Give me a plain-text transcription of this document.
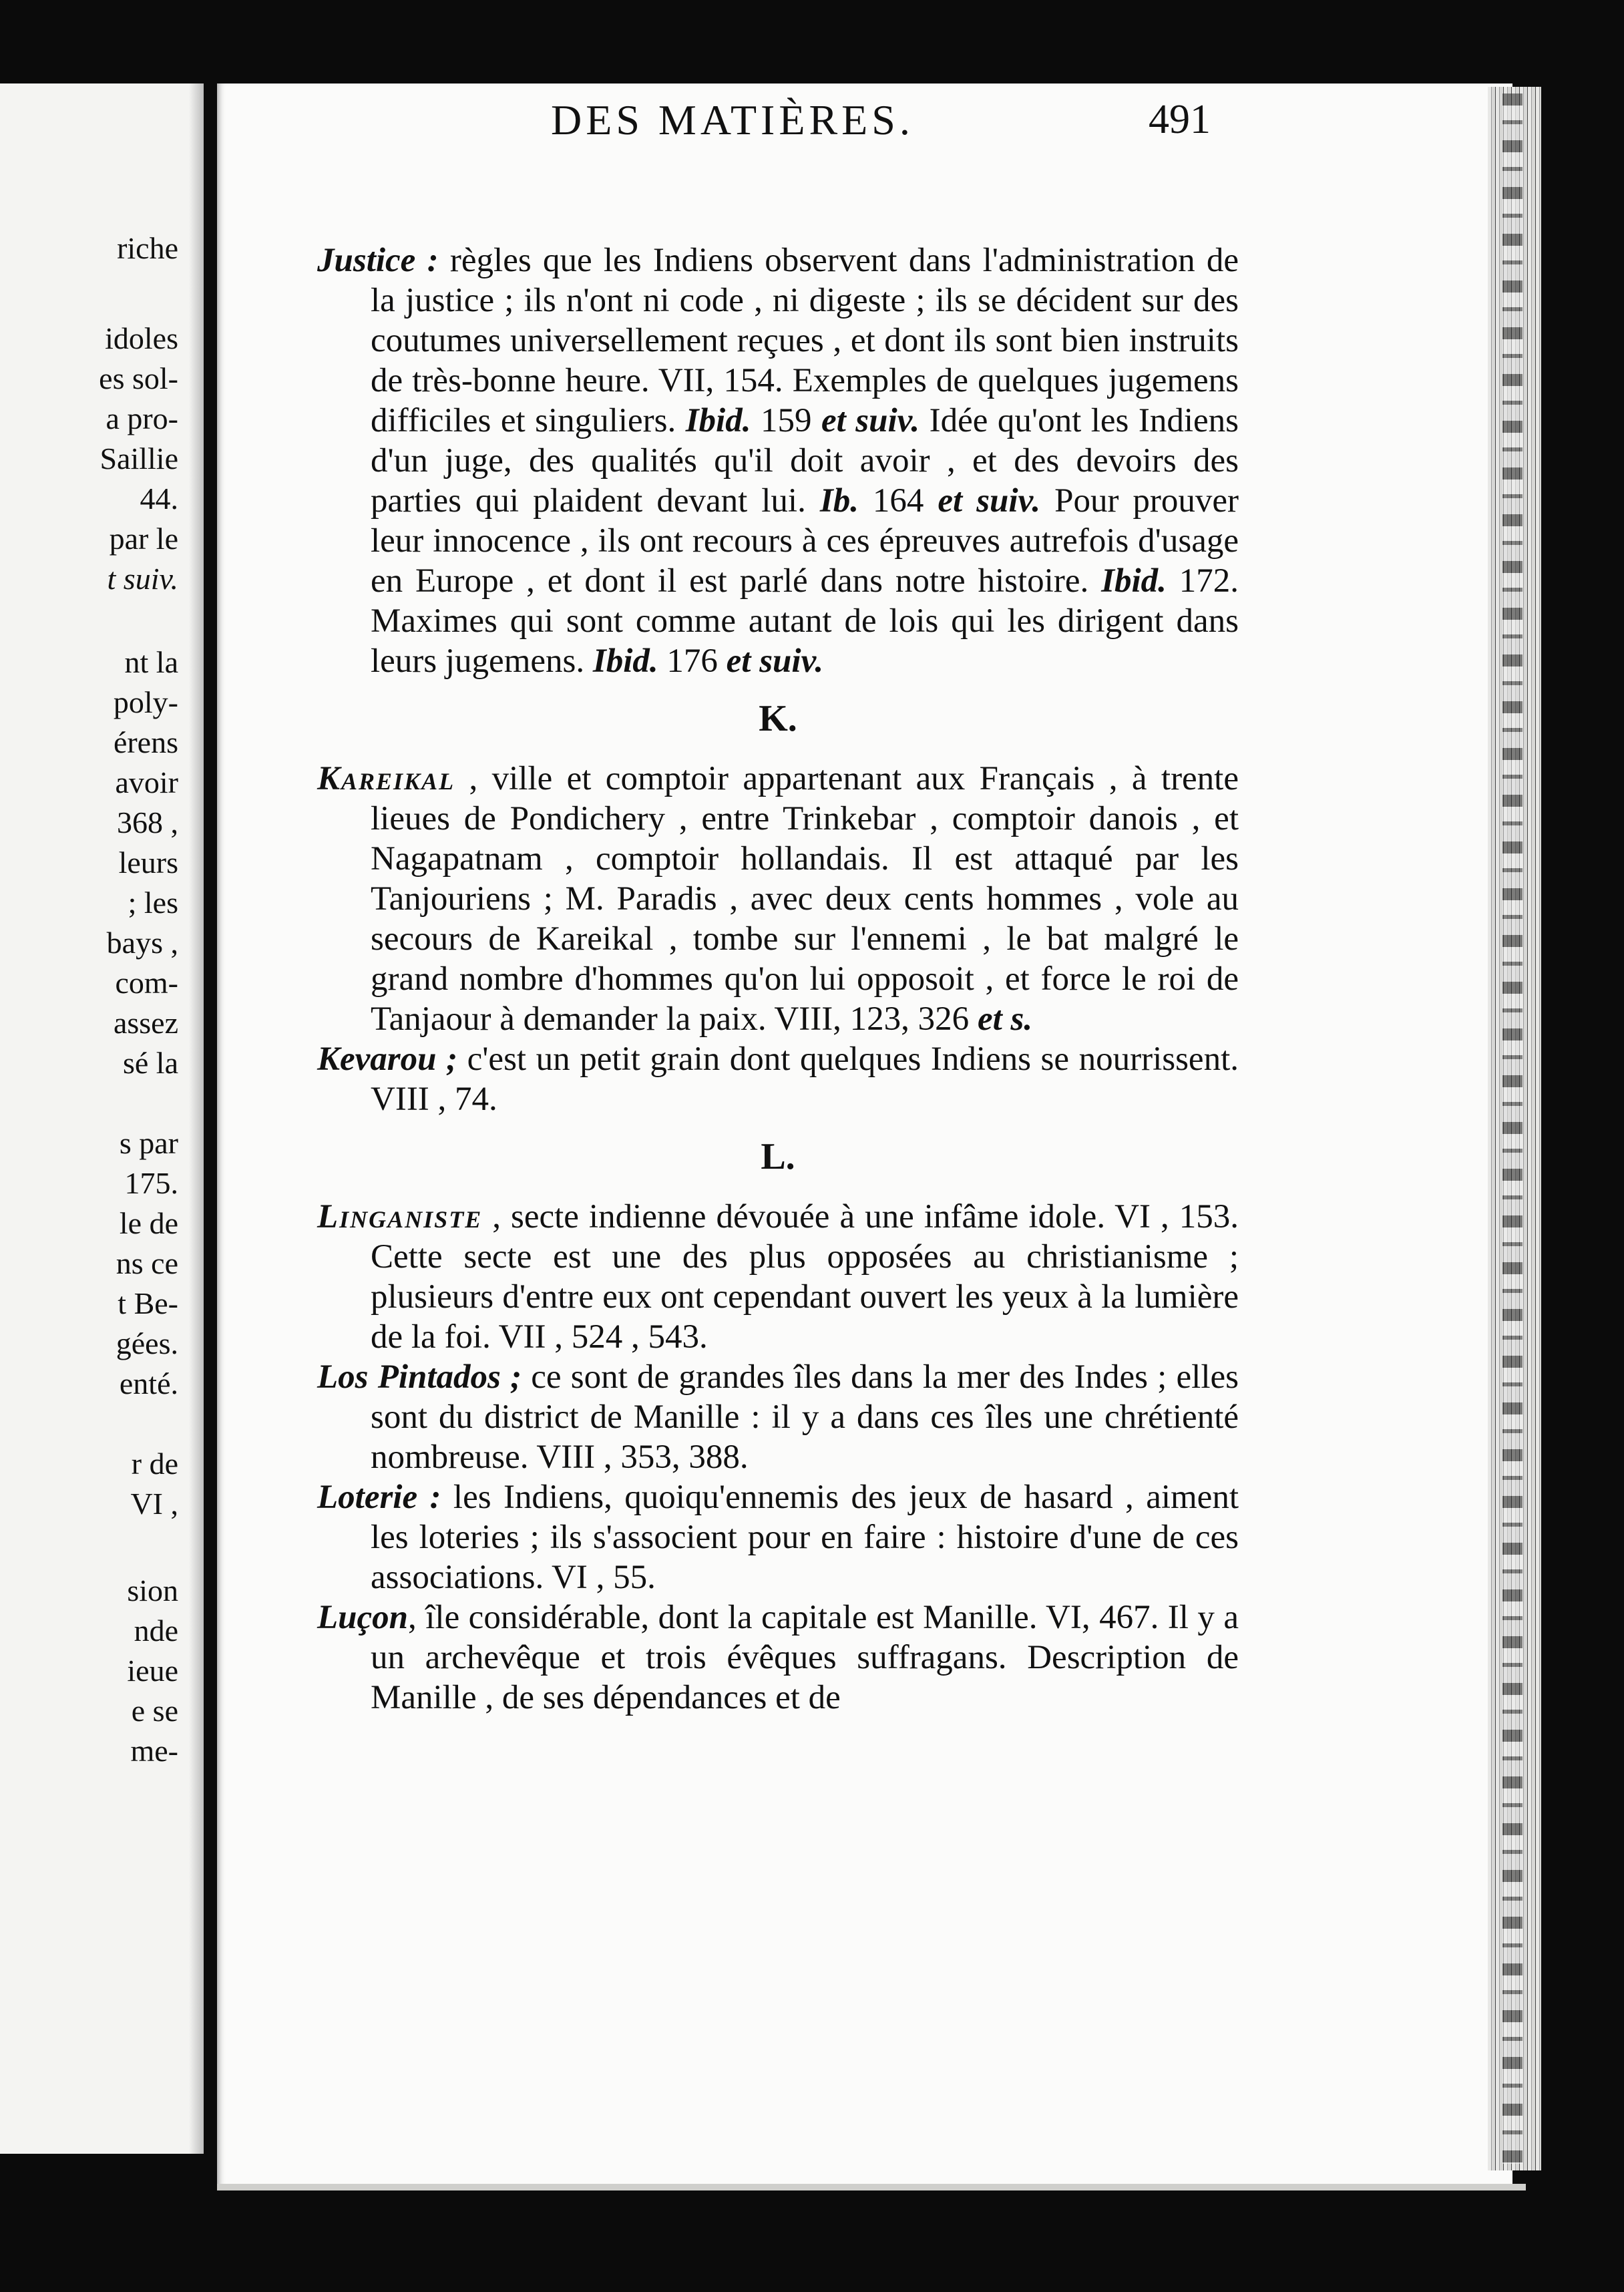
riche
idoles
es sol-
a pro-
Saillie
44.
par le
t suiv.
nt la
poly-
érens
avoir
368 ,
leurs
; les
bays ,
com-
assez
sé la
s par
175.
le de
ns ce
t Be-
gées.
enté.
r de
VI ,
sion
nde
ieue
e se
me-
DES MATIÈRES.	491

Justice : règles que les Indiens observent dans l'administration de la justice ; ils n'ont ni code , ni digeste ; ils se décident sur des coutumes universellement reçues , et dont ils sont bien instruits de très-bonne heure. VII, 154. Exemples de quelques jugemens difficiles et singuliers. Ibid. 159 et suiv. Idée qu'ont les Indiens d'un juge, des qualités qu'il doit avoir , et des devoirs des parties qui plaident devant lui. Ib. 164 et suiv. Pour prouver leur innocence , ils ont recours à ces épreuves autrefois d'usage en Europe , et dont il est parlé dans notre histoire. Ibid. 172. Maximes qui sont comme autant de lois qui les dirigent dans leurs jugemens. Ibid. 176 et suiv.

K.

Kareikal , ville et comptoir appartenant aux Français , à trente lieues de Pondichery , entre Trinkebar , comptoir danois , et Nagapatnam , comptoir hollandais. Il est attaqué par les Tanjouriens ; M. Paradis , avec deux cents hommes , vole au secours de Kareikal , tombe sur l'ennemi , le bat malgré le grand nombre d'hommes qu'on lui opposoit , et force le roi de Tanjaour à demander la paix. VIII, 123, 326 et s.

Kevarou ; c'est un petit grain dont quelques Indiens se nourrissent. VIII , 74.

L.

Linganiste , secte indienne dévouée à une infâme idole. VI , 153. Cette secte est une des plus opposées au christianisme ; plusieurs d'entre eux ont cependant ouvert les yeux à la lumière de la foi. VII , 524 , 543.

Los Pintados ; ce sont de grandes îles dans la mer des Indes ; elles sont du district de Manille : il y a dans ces îles une chrétienté nombreuse. VIII , 353, 388.

Loterie : les Indiens, quoiqu'ennemis des jeux de hasard , aiment les loteries ; ils s'associent pour en faire : histoire d'une de ces associations. VI , 55.

Luçon, île considérable, dont la capitale est Manille. VI, 467. Il y a un archevêque et trois évêques suffragans. Description de Manille , de ses dépendances et de
